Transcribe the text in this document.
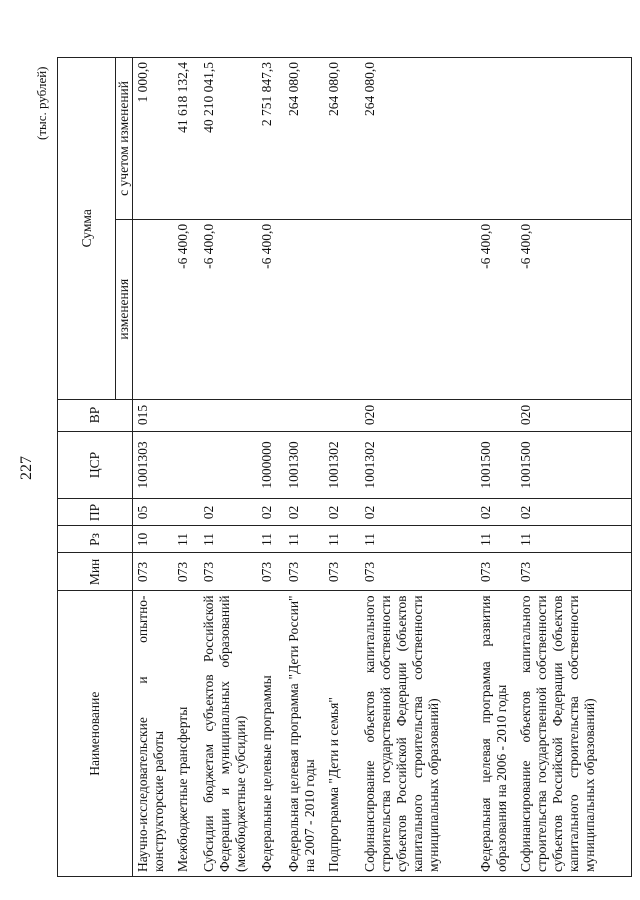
227
(тыс. рублей)
Наименование	Мин	Рз	ПР	ЦСР	ВР	Сумма	
						изменения	с учетом изменений
Научно-исследовательские и опытно-конструкторские работы	073	10	05	1001303	015		1 000,0
Межбюджетные трансферты	073	11				-6 400,0	41 618 132,4
Субсидии бюджетам субъектов Российской Федерации и муниципальных образований (межбюджетные субсидии)	073	11	02			-6 400,0	40 210 041,5
Федеральные целевые программы	073	11	02	1000000		-6 400,0	2 751 847,3
Федеральная целевая программа "Дети России" на 2007 - 2010 годы	073	11	02	1001300			264 080,0
Подпрограмма "Дети и семья"	073	11	02	1001302			264 080,0
Софинансирование объектов капитального строительства государственной собственности субъектов Российской Федерации (объектов капитального строительства собственности муниципальных образований)	073	11	02	1001302	020		264 080,0
Федеральная целевая программа развития образования на 2006 - 2010 годы	073	11	02	1001500		-6 400,0	
Софинансирование объектов капитального строительства государственной собственности субъектов Российской Федерации (объектов капитального строительства собственности муниципальных образований)	073	11	02	1001500	020	-6 400,0	
